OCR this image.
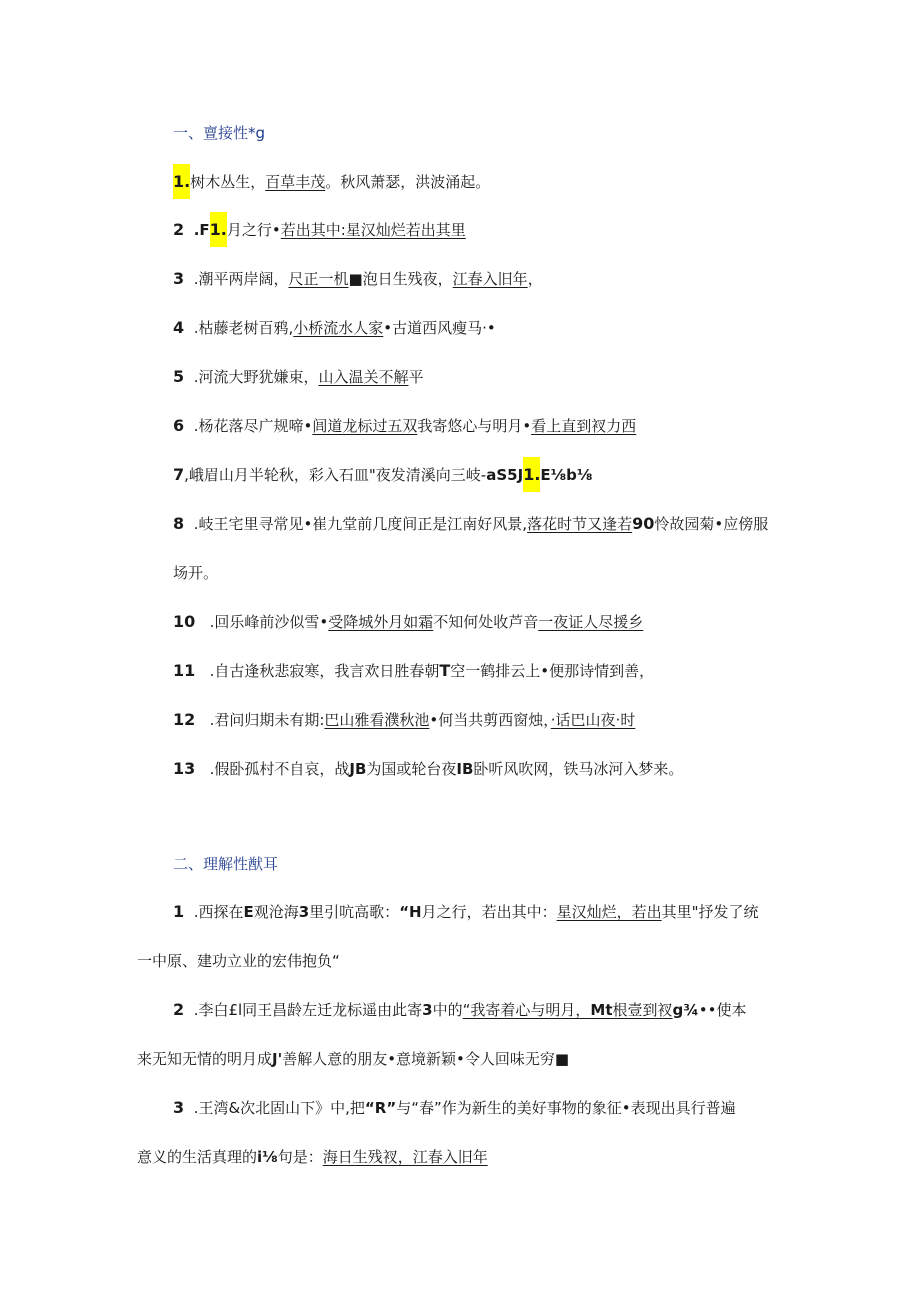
一、亶接性*g
1.树木丛生，百草丰茂。秋风萧瑟，洪波涌起。
2 .F1.月之行•若出其中:星汉灿烂若出其里
3 .潮平两岸阔，尺正一机■泡日生残夜，江春入旧年，
4 .枯藤老树百鸦,小桥流水人家•古道西风瘦马·•
5 .河流大野犹嫌束，山入温关不解平
6 .杨花落尽广规啼•闾道龙标过五双我寄悠心与明月•看上直到衩力西
7,峨眉山月半轮秋，彩入石皿"夜发清溪向三岐-aS5J1.E⅛b⅛
8 .岐王宅里寻常见•崔九堂前几度间正是江南好风景,落花时节又逢若90怜故园菊•应傍服
场开。
10 .回乐峰前沙似雪•受降城外月如霜不知何处收芦音一夜证人尽援乡
11 .自古逢秋悲寂寒，我言欢日胜春朝T空一鹤排云上•便那诗情到善，
12 .君问归期未有期:巴山雅看濮秋池•何当共剪西窗烛，·话巴山夜·时
13 .假卧孤村不自哀，战JB为国或轮台夜IB卧听风吹网，铁马冰河入梦来。
二、理解性猷耳
1 .西探在E观沧海3里引吭高歌：“H月之行，若出其中：星汉灿烂，若出其里"抒发了统
一中原、建功立业的宏伟抱负“
2 .李白£l同王昌龄左迁龙标遥由此寄3中的“我寄着心与明月，Mt根壹到衩g¾••使本
来无知无情的明月成J'善解人意的朋友•意境新颖•令人回味无穷■
3 .王湾&次北固山下》中,把“R”与“春”作为新生的美好事物的象征•表现出具行普遍
意义的生活真理的i⅛句是：海日生残衩，江春入旧年
